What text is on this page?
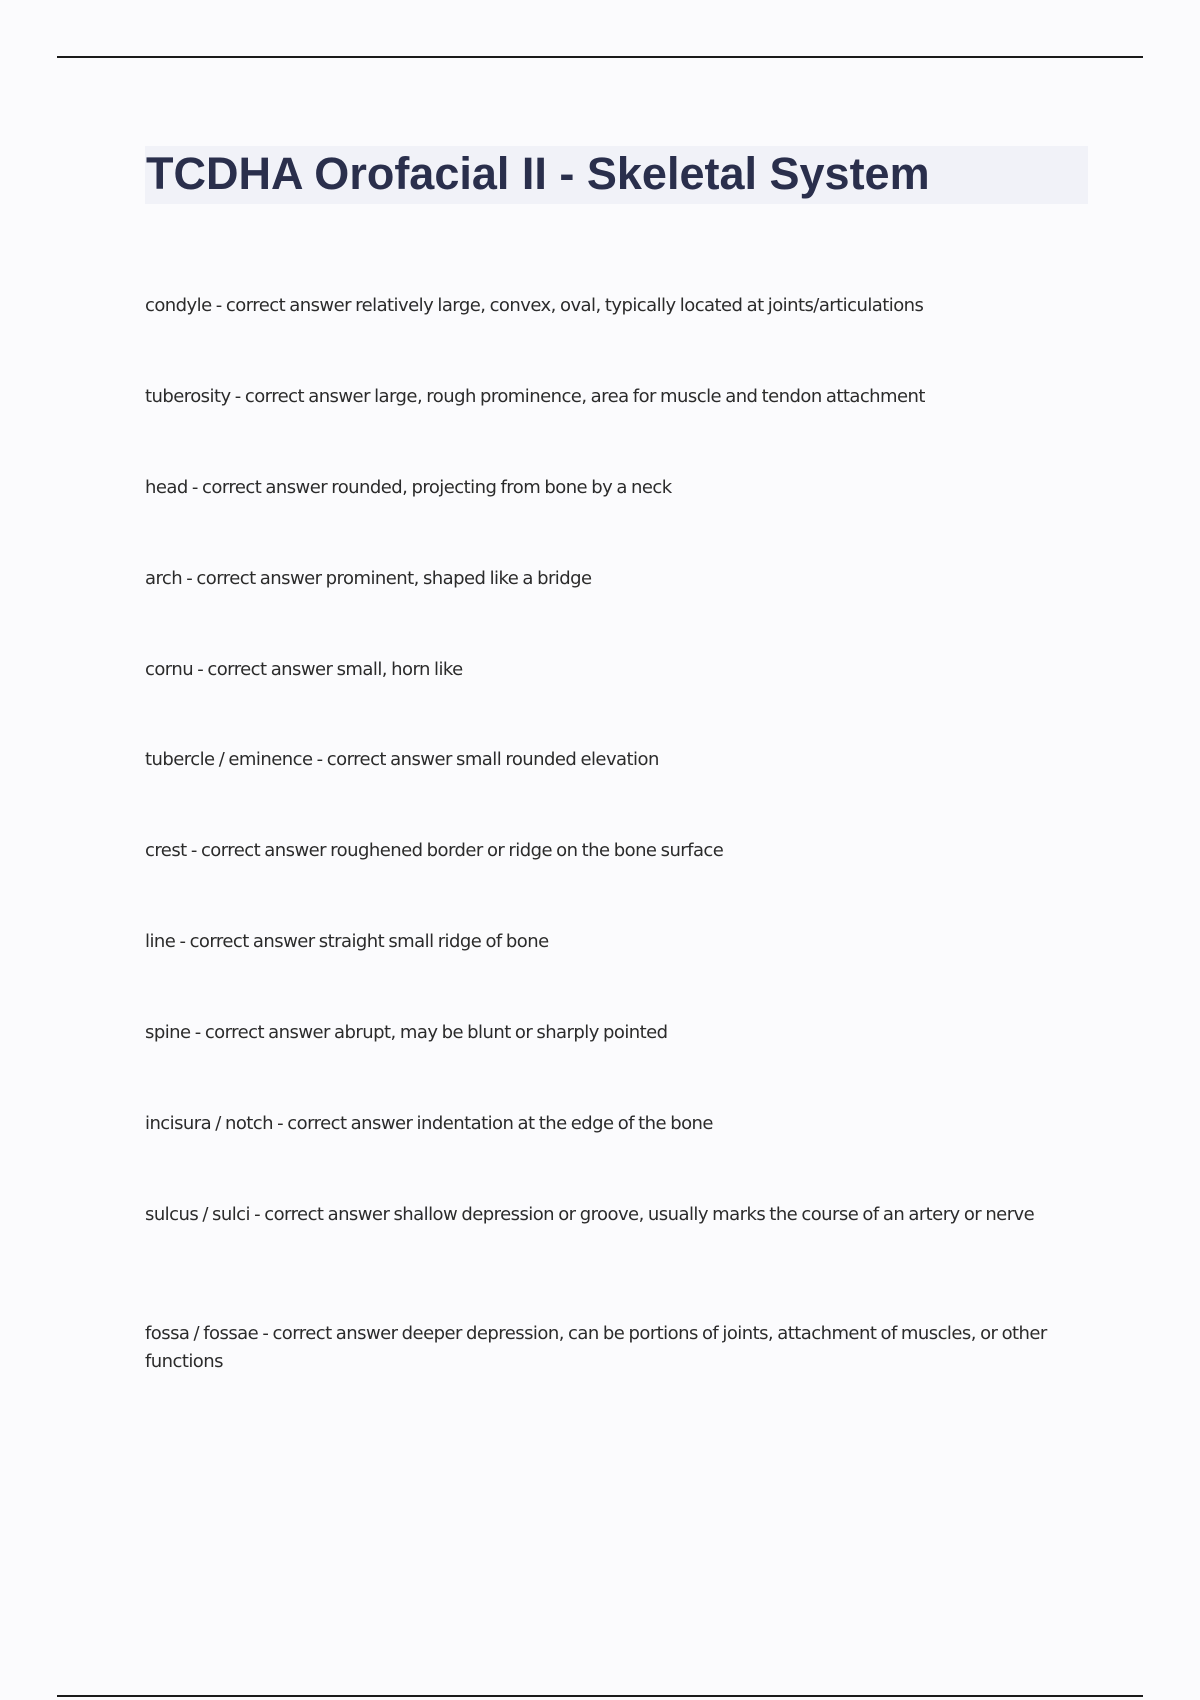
TCDHA Orofacial II - Skeletal System

condyle - correct answer relatively large, convex, oval, typically located at joints/articulations

tuberosity - correct answer large, rough prominence, area for muscle and tendon attachment

head - correct answer rounded, projecting from bone by a neck

arch - correct answer prominent, shaped like a bridge

cornu - correct answer small, horn like

tubercle / eminence - correct answer small rounded elevation

crest - correct answer roughened border or ridge on the bone surface

line - correct answer straight small ridge of bone

spine - correct answer abrupt, may be blunt or sharply pointed

incisura / notch - correct answer indentation at the edge of the bone

sulcus / sulci - correct answer shallow depression or groove, usually marks the course of an artery or nerve

fossa / fossae - correct answer deeper depression, can be portions of joints, attachment of muscles, or other functions
